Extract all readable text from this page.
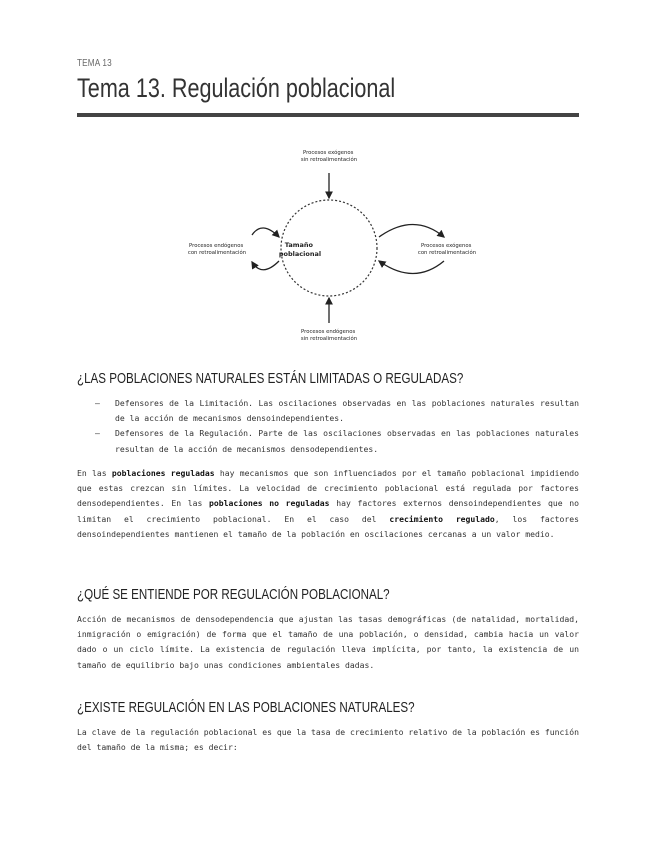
TEMA 13
Tema 13. Regulación poblacional
Procesos exógenos sin retroalimentación
Tamaño poblacional
Procesos endógenos con retroalimentación
Procesos exógenos con retroalimentación
Procesos endógenos sin retroalimentación
¿LAS POBLACIONES NATURALES ESTÁN LIMITADAS O REGULADAS?
– Defensores de la Limitación. Las oscilaciones observadas en las poblaciones naturales resultan de la acción de mecanismos densoindependientes.
– Defensores de la Regulación. Parte de las oscilaciones observadas en las poblaciones naturales resultan de la acción de mecanismos densodependientes.

En las poblaciones reguladas hay mecanismos que son influenciados por el tamaño poblacional impidiendo que estas crezcan sin límites. La velocidad de crecimiento poblacional está regulada por factores densodependientes. En las poblaciones no reguladas hay factores externos densoindependientes que no limitan el crecimiento poblacional. En el caso del crecimiento regulado, los factores densoindependientes mantienen el tamaño de la población en oscilaciones cercanas a un valor medio.

¿QUÉ SE ENTIENDE POR REGULACIÓN POBLACIONAL?

Acción de mecanismos de densodependencia que ajustan las tasas demográficas (de natalidad, mortalidad, inmigración o emigración) de forma que el tamaño de una población, o densidad, cambia hacia un valor dado o un ciclo límite. La existencia de regulación lleva implícita, por tanto, la existencia de un tamaño de equilibrio bajo unas condiciones ambientales dadas.

¿EXISTE REGULACIÓN EN LAS POBLACIONES NATURALES?

La clave de la regulación poblacional es que la tasa de crecimiento relativo de la población es función del tamaño de la misma; es decir:
